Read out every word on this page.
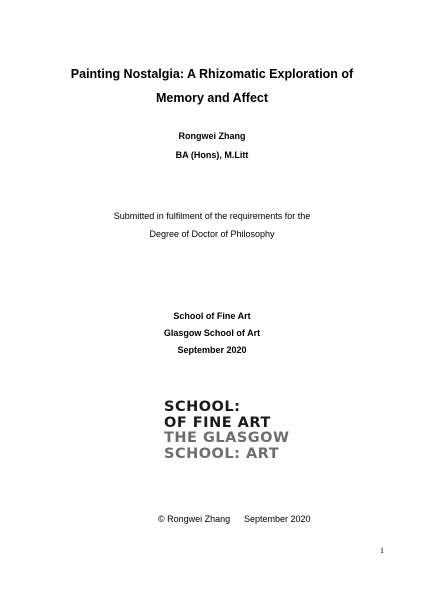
Painting Nostalgia: A Rhizomatic Exploration of
Memory and Affect
Rongwei Zhang
BA (Hons), M.Litt
Submitted in fulfilment of the requirements for the
Degree of Doctor of Philosophy
School of Fine Art
Glasgow School of Art
September 2020
SCHOOL:
OF FINE ART
THE GLASGOW
SCHOOL: ART
© Rongwei Zhang September 2020
1
